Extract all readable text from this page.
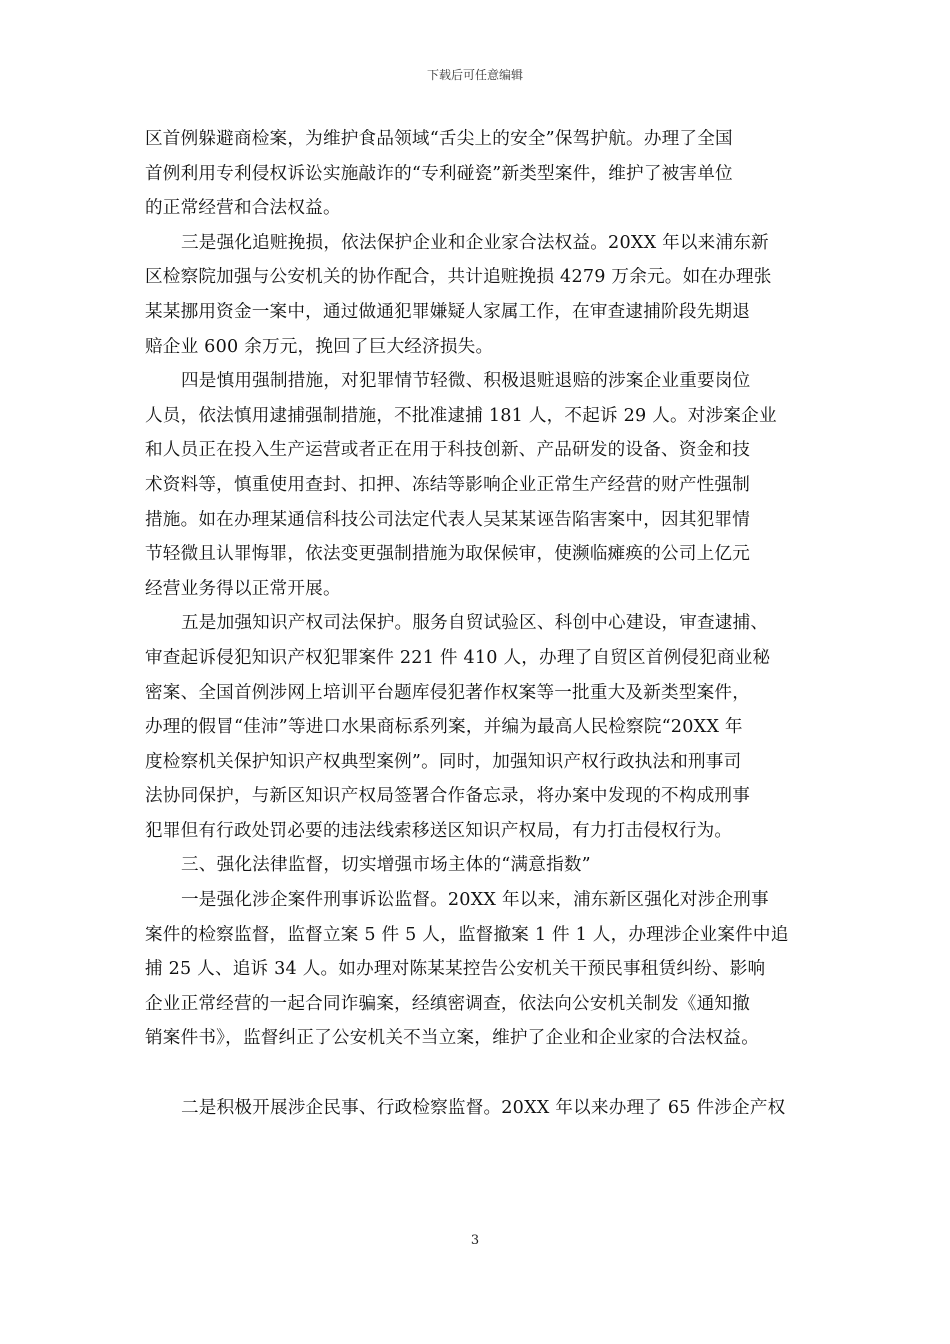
下载后可任意编辑
区首例躲避商检案，为维护食品领域“舌尖上的安全”保驾护航。办理了全国
首例利用专利侵权诉讼实施敲诈的“专利碰瓷”新类型案件，维护了被害单位
的正常经营和合法权益。
三是强化追赃挽损，依法保护企业和企业家合法权益。20XX 年以来浦东新
区检察院加强与公安机关的协作配合，共计追赃挽损 4279 万余元。如在办理张
某某挪用资金一案中，通过做通犯罪嫌疑人家属工作，在审查逮捕阶段先期退
赔企业 600 余万元，挽回了巨大经济损失。
四是慎用强制措施，对犯罪情节轻微、积极退赃退赔的涉案企业重要岗位
人员，依法慎用逮捕强制措施，不批准逮捕 181 人，不起诉 29 人。对涉案企业
和人员正在投入生产运营或者正在用于科技创新、产品研发的设备、资金和技
术资料等，慎重使用查封、扣押、冻结等影响企业正常生产经营的财产性强制
措施。如在办理某通信科技公司法定代表人吴某某诬告陷害案中，因其犯罪情
节轻微且认罪悔罪，依法变更强制措施为取保候审，使濒临瘫痪的公司上亿元
经营业务得以正常开展。
五是加强知识产权司法保护。服务自贸试验区、科创中心建设，审查逮捕、
审查起诉侵犯知识产权犯罪案件 221 件 410 人，办理了自贸区首例侵犯商业秘
密案、全国首例涉网上培训平台题库侵犯著作权案等一批重大及新类型案件，
办理的假冒“佳沛”等进口水果商标系列案，并编为最高人民检察院“20XX 年
度检察机关保护知识产权典型案例”。同时，加强知识产权行政执法和刑事司
法协同保护，与新区知识产权局签署合作备忘录，将办案中发现的不构成刑事
犯罪但有行政处罚必要的违法线索移送区知识产权局，有力打击侵权行为。
三、强化法律监督，切实增强市场主体的“满意指数”
一是强化涉企案件刑事诉讼监督。20XX 年以来，浦东新区强化对涉企刑事
案件的检察监督，监督立案 5 件 5 人，监督撤案 1 件 1 人，办理涉企业案件中追
捕 25 人、追诉 34 人。如办理对陈某某控告公安机关干预民事租赁纠纷、影响
企业正常经营的一起合同诈骗案，经缜密调查，依法向公安机关制发《通知撤
销案件书》，监督纠正了公安机关不当立案，维护了企业和企业家的合法权益。
二是积极开展涉企民事、行政检察监督。20XX 年以来办理了 65 件涉企产权
3
